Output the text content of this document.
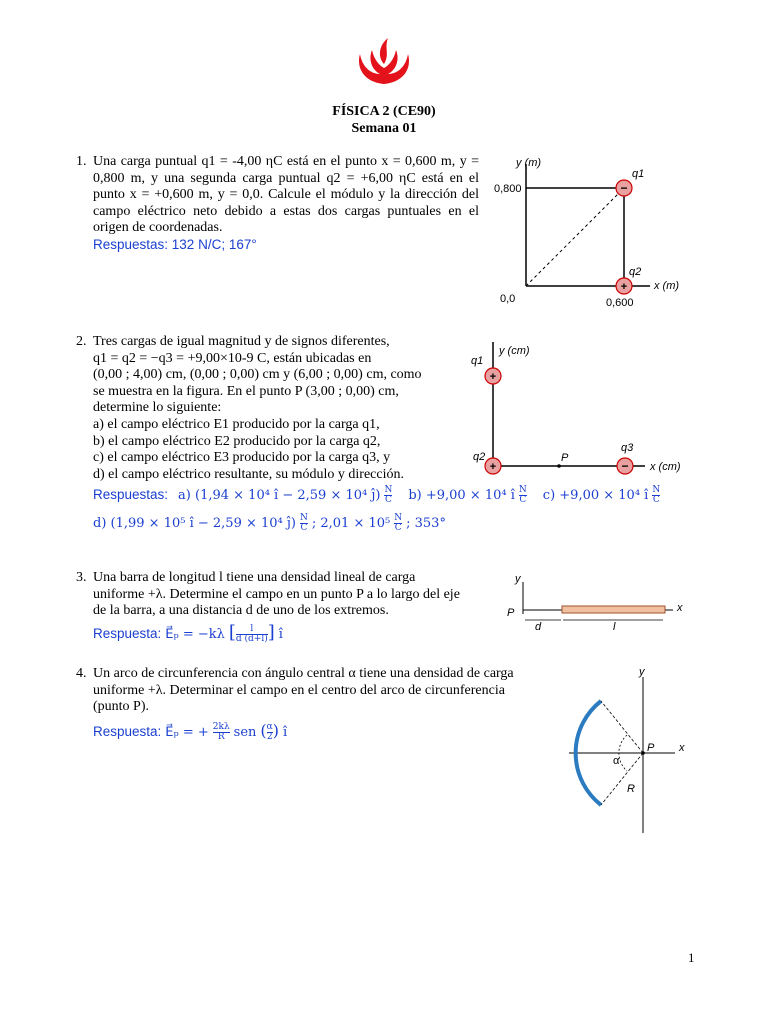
FÍSICA 2 (CE90)
Semana 01
1. Una carga puntual q1 = -4,00 ηC está en el punto x = 0,600 m, y = 0,800 m, y una segunda carga puntual q2 = +6,00 ηC está en el punto x = +0,600 m, y = 0,0. Calcule el módulo y la dirección del campo eléctrico neto debido a estas dos cargas puntuales en el origen de coordenadas.
Respuestas: 132 N/C; 167°
−
+
y (m)
0,800
0,0	0,600
x (m)
q1
q2
2. Tres cargas de igual magnitud y de signos diferentes,
q1 = q2 = −q3 = +9,00×10-9 C, están ubicadas en
(0,00 ; 4,00) cm, (0,00 ; 0,00) cm y (6,00 ; 0,00) cm, como
se muestra en la figura. En el punto P (3,00 ; 0,00) cm,
determine lo siguiente:
a) el campo eléctrico E1 producido por la carga q1,
b) el campo eléctrico E2 producido por la carga q2,
c) el campo eléctrico E3 producido por la carga q3, y
d) el campo eléctrico resultante, su módulo y dirección.
Respuestas: a) (1,94 × 10⁴ î − 2,59 × 10⁴ ĵ) $\frac{N}{C} b) +9,00 \times 10^4$ î $\frac{N}{C} c) +9,00 \times 10^4$ î $\frac{N}{C}$
d) (1,99 × 10⁵ î − 2,59 × 10⁴ ĵ) $\frac{N}{C}$ ; $2,01 \times 10^5 \frac{N}{C}$ ; 353°
+
+	−
y (cm)
x (cm)
q1
q2
q3
P
3. Una barra de longitud l tiene una densidad lineal de carga
uniforme +λ. Determine el campo en un punto P a lo largo del eje
de la barra, a una distancia d de uno de los extremos.
Respuesta: E⃗ₚ = −kλ [ $\frac{l}{d (d+l)}$ ] î
y
x
P
d	l
4. Un arco de circunferencia con ángulo central α tiene una densidad de carga
uniforme +λ. Determinar el campo en el centro del arco de circunferencia
(punto P).
Respuesta: E⃗ₚ = + $\frac{2k\lambda}{R}$ sen ( $\frac{\alpha}{2}$ ) î
y
x
P
α
R
1
